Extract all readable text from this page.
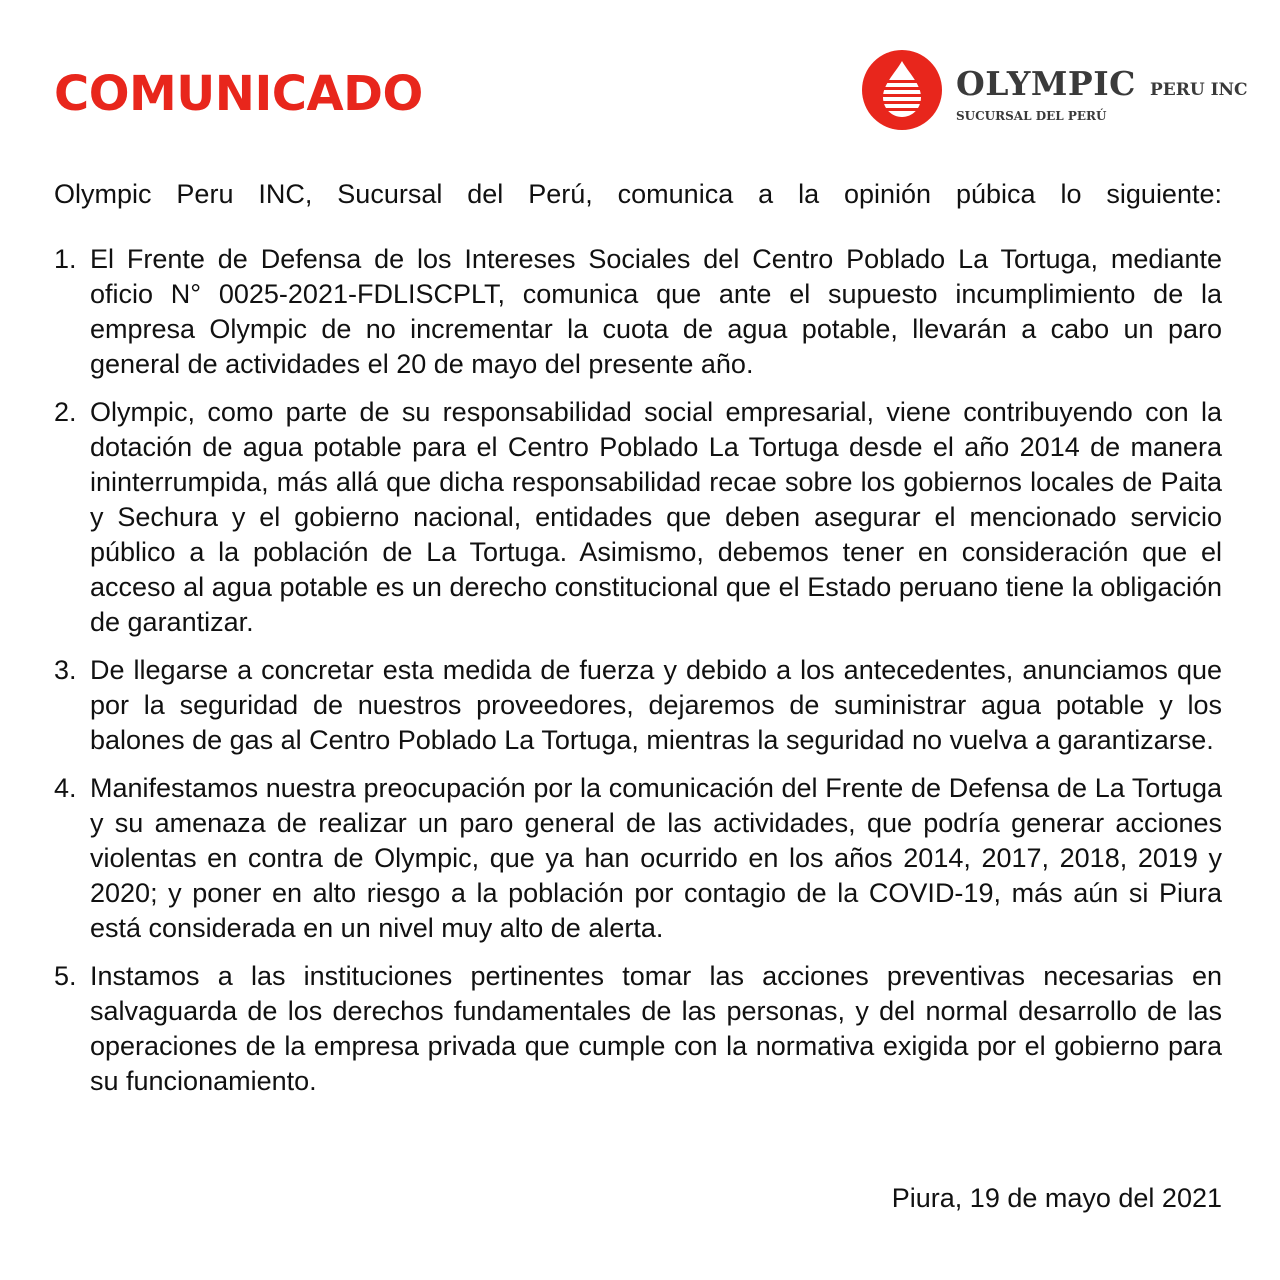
COMUNICADO	OLYMPIC PERU INC
SUCURSAL DEL PERÚ

Olympic Peru INC, Sucursal del Perú, comunica a la opinión púbica lo siguiente:

1. El Frente de Defensa de los Intereses Sociales del Centro Poblado La Tortuga, mediante oficio N° 0025-2021-FDLISCPLT, comunica que ante el supuesto incumplimiento de la empresa Olympic de no incrementar la cuota de agua potable, llevarán a cabo un paro general de actividades el 20 de mayo del presente año.
2. Olympic, como parte de su responsabilidad social empresarial, viene contribuyendo con la dotación de agua potable para el Centro Poblado La Tortuga desde el año 2014 de manera ininterrumpida, más allá que dicha responsabilidad recae sobre los gobiernos locales de Paita y Sechura y el gobierno nacional, entidades que deben asegurar el mencionado servicio público a la población de La Tortuga. Asimismo, debemos tener en consideración que el acceso al agua potable es un derecho constitucional que el Estado peruano tiene la obligación de garantizar.
3. De llegarse a concretar esta medida de fuerza y debido a los antecedentes, anunciamos que por la seguridad de nuestros proveedores, dejaremos de suministrar agua potable y los balones de gas al Centro Poblado La Tortuga, mientras la seguridad no vuelva a garantizarse.
4. Manifestamos nuestra preocupación por la comunicación del Frente de Defensa de La Tortuga y su amenaza de realizar un paro general de las actividades, que podría generar acciones violentas en contra de Olympic, que ya han ocurrido en los años 2014, 2017, 2018, 2019 y 2020; y poner en alto riesgo a la población por contagio de la COVID-19, más aún si Piura está considerada en un nivel muy alto de alerta.
5. Instamos a las instituciones pertinentes tomar las acciones preventivas necesarias en salvaguarda de los derechos fundamentales de las personas, y del normal desarrollo de las operaciones de la empresa privada que cumple con la normativa exigida por el gobierno para su funcionamiento.

Piura, 19 de mayo del 2021
